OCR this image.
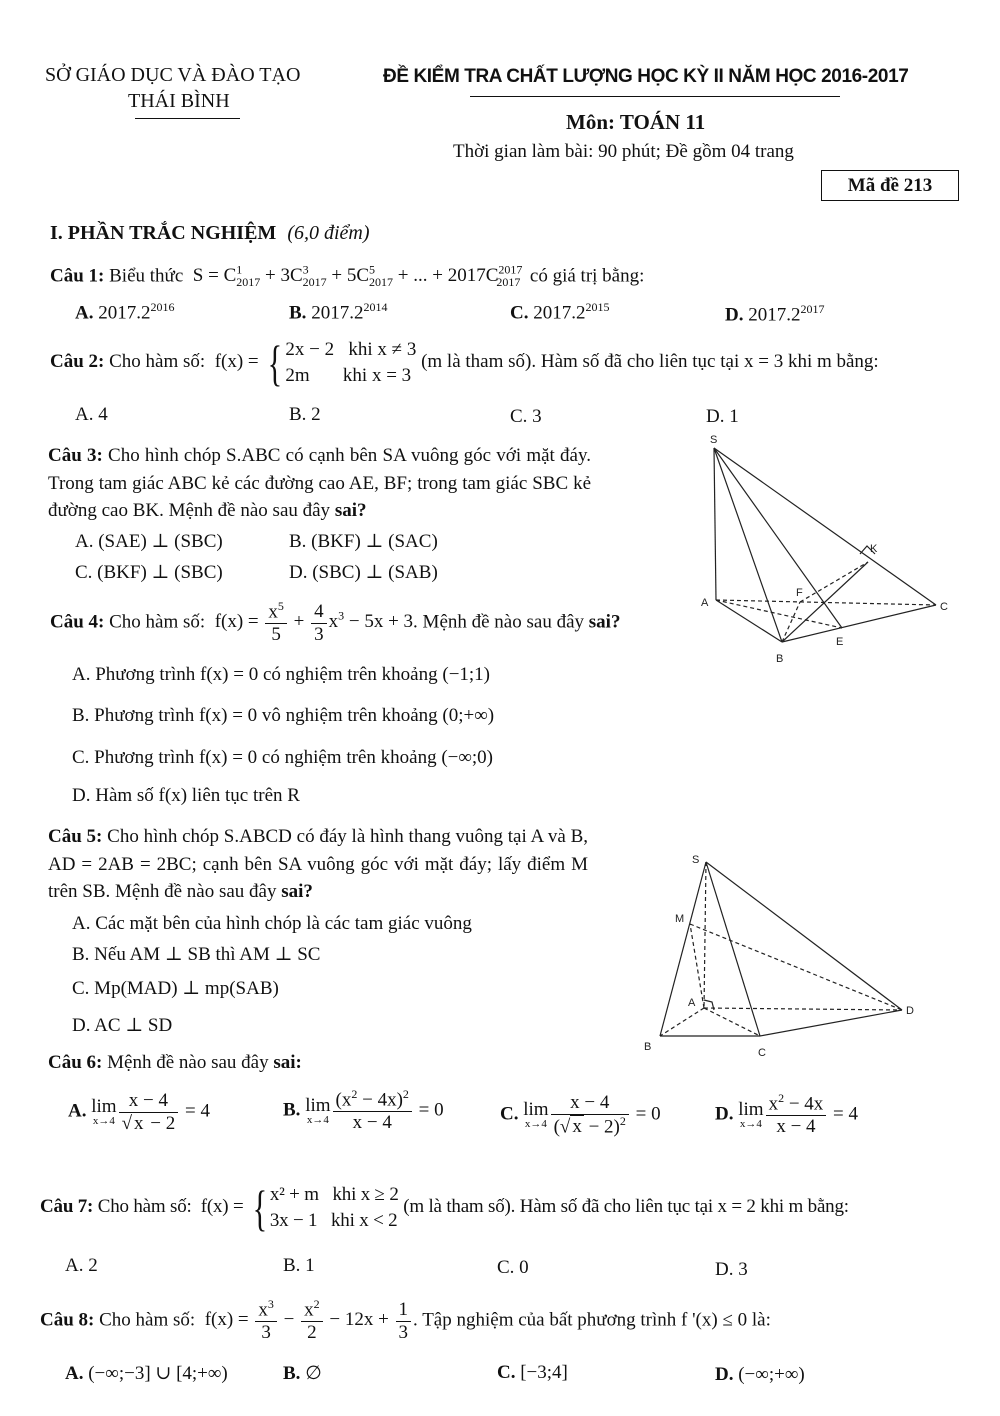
SỞ GIÁO DỤC VÀ ĐÀO TẠO
THÁI BÌNH
ĐỀ KIỂM TRA CHẤT LƯỢNG HỌC KỲ II NĂM HỌC 2016-2017
Môn: TOÁN 11
Thời gian làm bài: 90 phút; Đề gồm 04 trang
Mã đề 213
I. PHẦN TRẮC NGHIỆM (6,0 điểm)
Câu 1: Biểu thức  $S = C^1_{2017} + 3C^3_{2017} + 5C^5_{2017}$ + ... + $2017C^{2017}_{2017}$ có giá trị bằng:
A. $2017.2^{2016}$	B. $2017.2^{2014}$	C. $2017.2^{2015}$	D. $2017.2^{2017}$
Câu 2: Cho hàm số:  f(x) = { 2x − 2   khi x ≠ 3
2m       khi x = 3
(m là tham số). Hàm số đã cho liên tục tại x = 3 khi m bằng:
A. 4	B. 2	C. 3	D. 1
Câu 3: Cho hình chóp S.ABC có cạnh bên SA vuông góc với mặt đáy. Trong tam giác ABC kẻ các đường cao AE, BF; trong tam giác SBC kẻ đường cao BK. Mệnh đề nào sau đây sai?
A. (SAE) ⊥ (SBC)	B. (BKF) ⊥ (SAC)
C. (BKF) ⊥ (SBC)	D. (SBC) ⊥ (SAB)
S
K
A
F
C
B
E
Câu 4: Cho hàm số:  $f(x) = \frac{x^5}{5} + \frac{4}{3} x^3 - 5x + 3$. Mệnh đề nào sau đây sai?
A. Phương trình f(x) = 0 có nghiệm trên khoảng (−1;1)
B. Phương trình f(x) = 0 vô nghiệm trên khoảng (0;+∞)
C. Phương trình f(x) = 0 có nghiệm trên khoảng (−∞;0)
D. Hàm số f(x) liên tục trên R
Câu 5: Cho hình chóp S.ABCD có đáy là hình thang vuông tại A và B, AD = 2AB = 2BC; cạnh bên SA vuông góc với mặt đáy; lấy điểm M trên SB. Mệnh đề nào sau đây sai?
A. Các mặt bên của hình chóp là các tam giác vuông
B. Nếu AM ⊥ SB thì AM ⊥ SC
C. Mp(MAD) ⊥ mp(SAB)
D. AC ⊥ SD
S
M
A
D
B	C
Câu 6: Mệnh đề nào sau đây sai:
A. lim
$x\to 4 \frac{x - 4}{√ x - 2} = 4$	B. lim
$x\to 4 \frac{(x^2 - 4x)^2}{x - 4} = 0$	C. lim
$x\to 4 \frac{x - 4}{(√ x - 2)^2} = 0$	D. lim
$x\to 4 \frac{x^2 - 4x}{x - 4} = 4$
Câu 7: Cho hàm số:  f(x) = { x² + m   khi x ≥ 2
3x − 1   khi x < 2
(m là tham số). Hàm số đã cho liên tục tại x = 2 khi m bằng:
A. 2	B. 1	C. 0	D. 3
Câu 8: Cho hàm số:  $f(x) = \frac{x^3}{3} - \frac{x^2}{2} - 12x + \frac{1}{3}$ . Tập nghiệm của bất phương trình f '(x) ≤ 0 là:
A. (−∞;−3] ∪ [4;+∞)	B. ∅	C. [−3;4]	D. (−∞;+∞)
